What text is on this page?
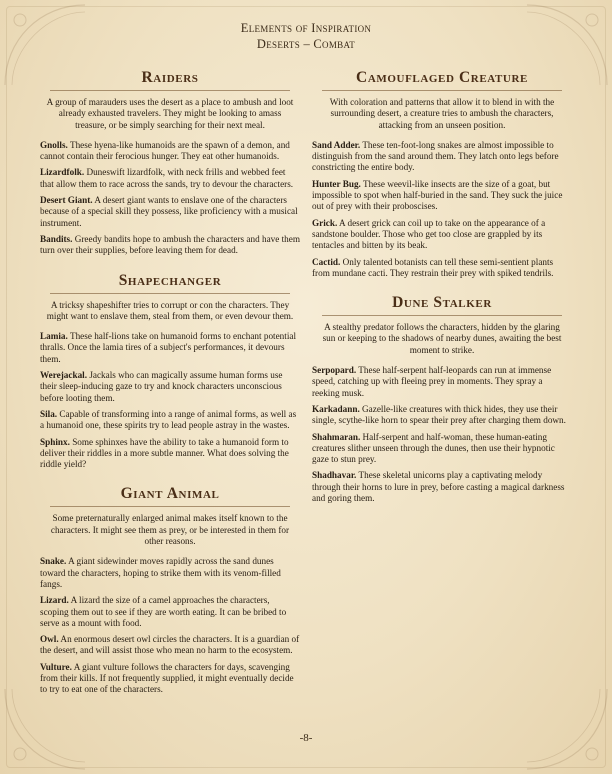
Elements of Inspiration
Deserts – Combat
Raiders

A group of marauders uses the desert as a place to ambush and loot already exhausted travelers. They might be looking to amass treasure, or be simply searching for their next meal.

Gnolls. These hyena-like humanoids are the spawn of a demon, and cannot contain their ferocious hunger. They eat other humanoids.

Lizardfolk. Duneswift lizardfolk, with neck frills and webbed feet that allow them to race across the sands, try to devour the characters.

Desert Giant. A desert giant wants to enslave one of the characters because of a special skill they possess, like proficiency with a musical instrument.

Bandits. Greedy bandits hope to ambush the characters and have them turn over their supplies, before leaving them for dead.

Shapechanger

A tricksy shapeshifter tries to corrupt or con the characters. They might want to enslave them, steal from them, or even devour them.

Lamia. These half-lions take on humanoid forms to enchant potential thralls. Once the lamia tires of a subject's performances, it devours them.

Werejackal. Jackals who can magically assume human forms use their sleep-inducing gaze to try and knock characters unconscious before looting them.

Sila. Capable of transforming into a range of animal forms, as well as a humanoid one, these spirits try to lead people astray in the wastes.

Sphinx. Some sphinxes have the ability to take a humanoid form to deliver their riddles in a more subtle manner. What does solving the riddle yield?

Giant Animal

Some preternaturally enlarged animal makes itself known to the characters. It might see them as prey, or be interested in them for other reasons.

Snake. A giant sidewinder moves rapidly across the sand dunes toward the characters, hoping to strike them with its venom-filled fangs.

Lizard. A lizard the size of a camel approaches the characters, scoping them out to see if they are worth eating. It can be bribed to serve as a mount with food.

Owl. An enormous desert owl circles the characters. It is a guardian of the desert, and will assist those who mean no harm to the ecosystem.

Vulture. A giant vulture follows the characters for days, scavenging from their kills. If not frequently supplied, it might eventually decide to try to eat one of the characters.

Camouflaged Creature

With coloration and patterns that allow it to blend in with the surrounding desert, a creature tries to ambush the characters, attacking from an unseen position.

Sand Adder. These ten-foot-long snakes are almost impossible to distinguish from the sand around them. They latch onto legs before constricting the entire body.

Hunter Bug. These weevil-like insects are the size of a goat, but impossible to spot when half-buried in the sand. They suck the juice out of prey with their proboscises.

Grick. A desert grick can coil up to take on the appearance of a sandstone boulder. Those who get too close are grappled by its tentacles and bitten by its beak.

Cactid. Only talented botanists can tell these semi-sentient plants from mundane cacti. They restrain their prey with spiked tendrils.

Dune Stalker

A stealthy predator follows the characters, hidden by the glaring sun or keeping to the shadows of nearby dunes, awaiting the best moment to strike.

Serpopard. These half-serpent half-leopards can run at immense speed, catching up with fleeing prey in moments. They spray a reeking musk.

Karkadann. Gazelle-like creatures with thick hides, they use their single, scythe-like horn to spear their prey after charging them down.

Shahmaran. Half-serpent and half-woman, these human-eating creatures slither unseen through the dunes, then use their hypnotic gaze to stun prey.

Shadhavar. These skeletal unicorns play a captivating melody through their horns to lure in prey, before casting a magical darkness and goring them.

-8-
